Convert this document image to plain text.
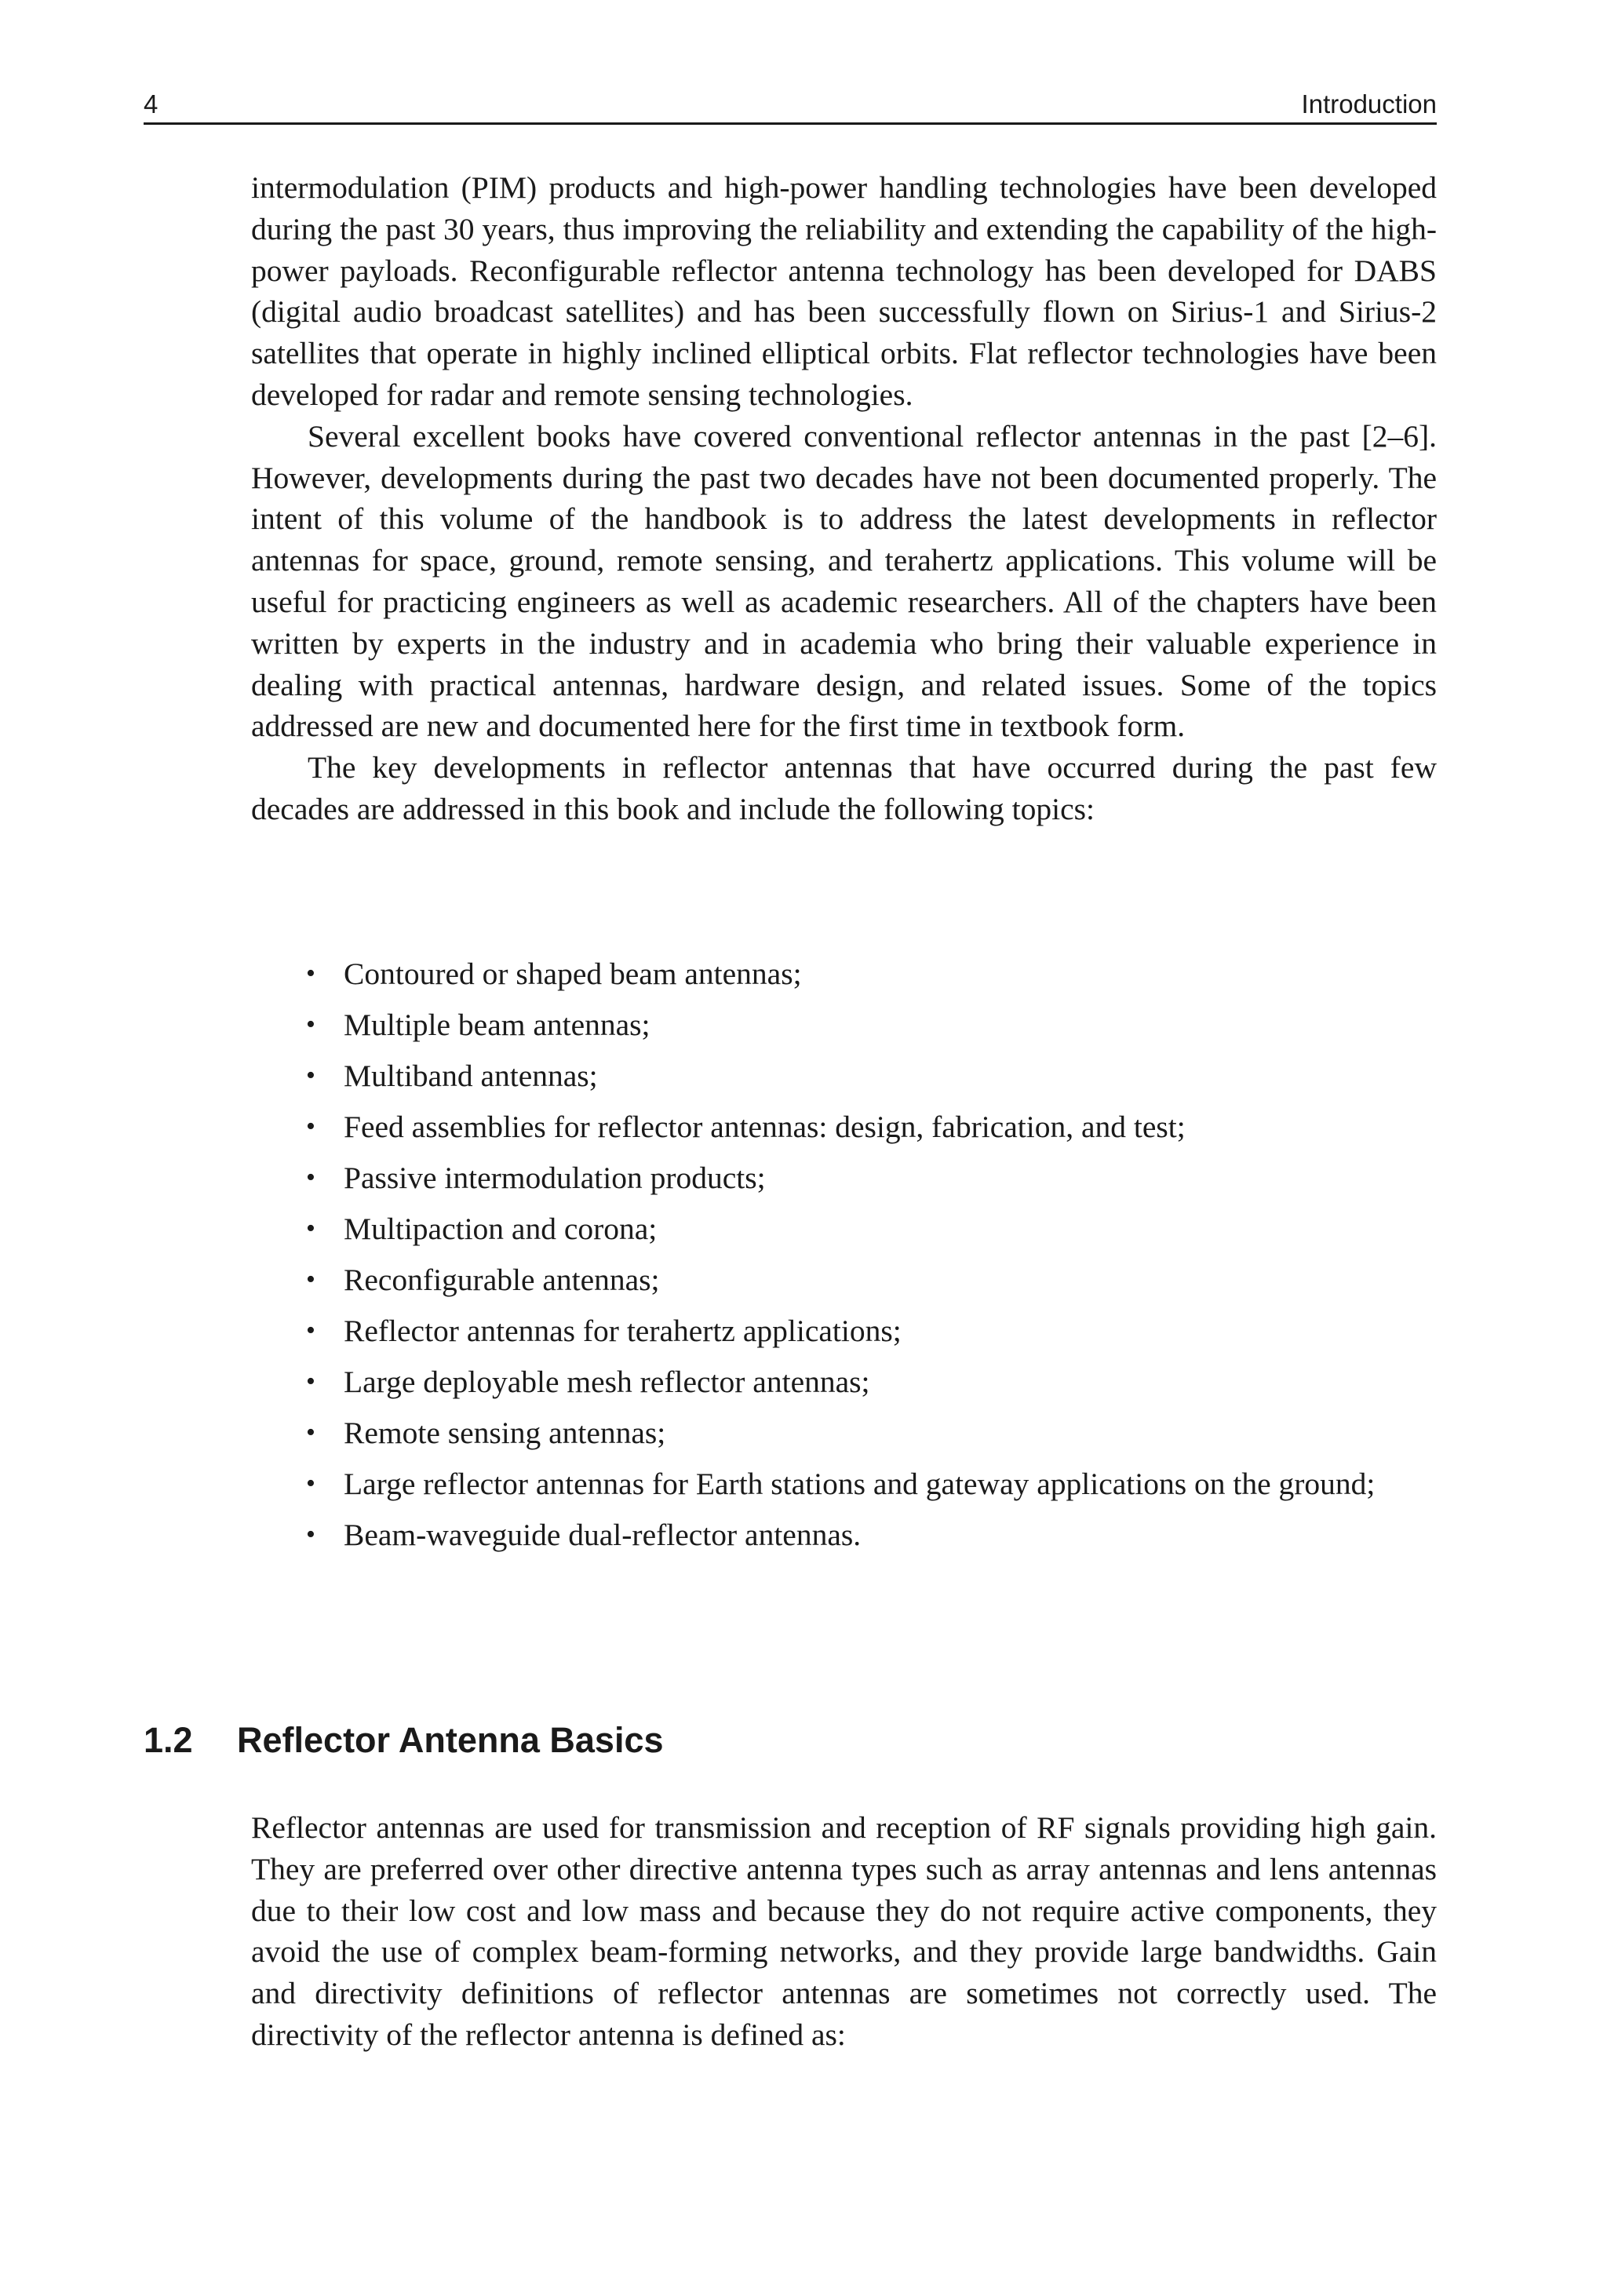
4	Introduction

intermodulation (PIM) products and high-power handling technologies have been developed during the past 30 years, thus improving the reliability and extending the capability of the high-power payloads. Reconfigurable reflector antenna technology has been developed for DABS (digital audio broadcast satellites) and has been successfully flown on Sirius-1 and Sirius-2 satellites that operate in highly inclined elliptical orbits. Flat reflector technologies have been developed for radar and remote sensing technologies.

Several excellent books have covered conventional reflector antennas in the past [2–6]. However, developments during the past two decades have not been documented properly. The intent of this volume of the handbook is to address the latest developments in reflector antennas for space, ground, remote sensing, and terahertz applications. This volume will be useful for practicing engineers as well as academic researchers. All of the chapters have been written by experts in the industry and in academia who bring their valuable experience in dealing with practical antennas, hardware design, and related issues. Some of the topics addressed are new and documented here for the first time in textbook form.

The key developments in reflector antennas that have occurred during the past few decades are addressed in this book and include the following topics:

• Contoured or shaped beam antennas;
• Multiple beam antennas;
• Multiband antennas;
• Feed assemblies for reflector antennas: design, fabrication, and test;
• Passive intermodulation products;
• Multipaction and corona;
• Reconfigurable antennas;
• Reflector antennas for terahertz applications;
• Large deployable mesh reflector antennas;
• Remote sensing antennas;
• Large reflector antennas for Earth stations and gateway applications on the ground;
• Beam-waveguide dual-reflector antennas.
1.2 Reflector Antenna Basics

Reflector antennas are used for transmission and reception of RF signals providing high gain. They are preferred over other directive antenna types such as array antennas and lens antennas due to their low cost and low mass and because they do not require active components, they avoid the use of complex beam-forming networks, and they provide large bandwidths. Gain and directivity definitions of reflector antennas are sometimes not correctly used. The directivity of the reflector antenna is defined as:
